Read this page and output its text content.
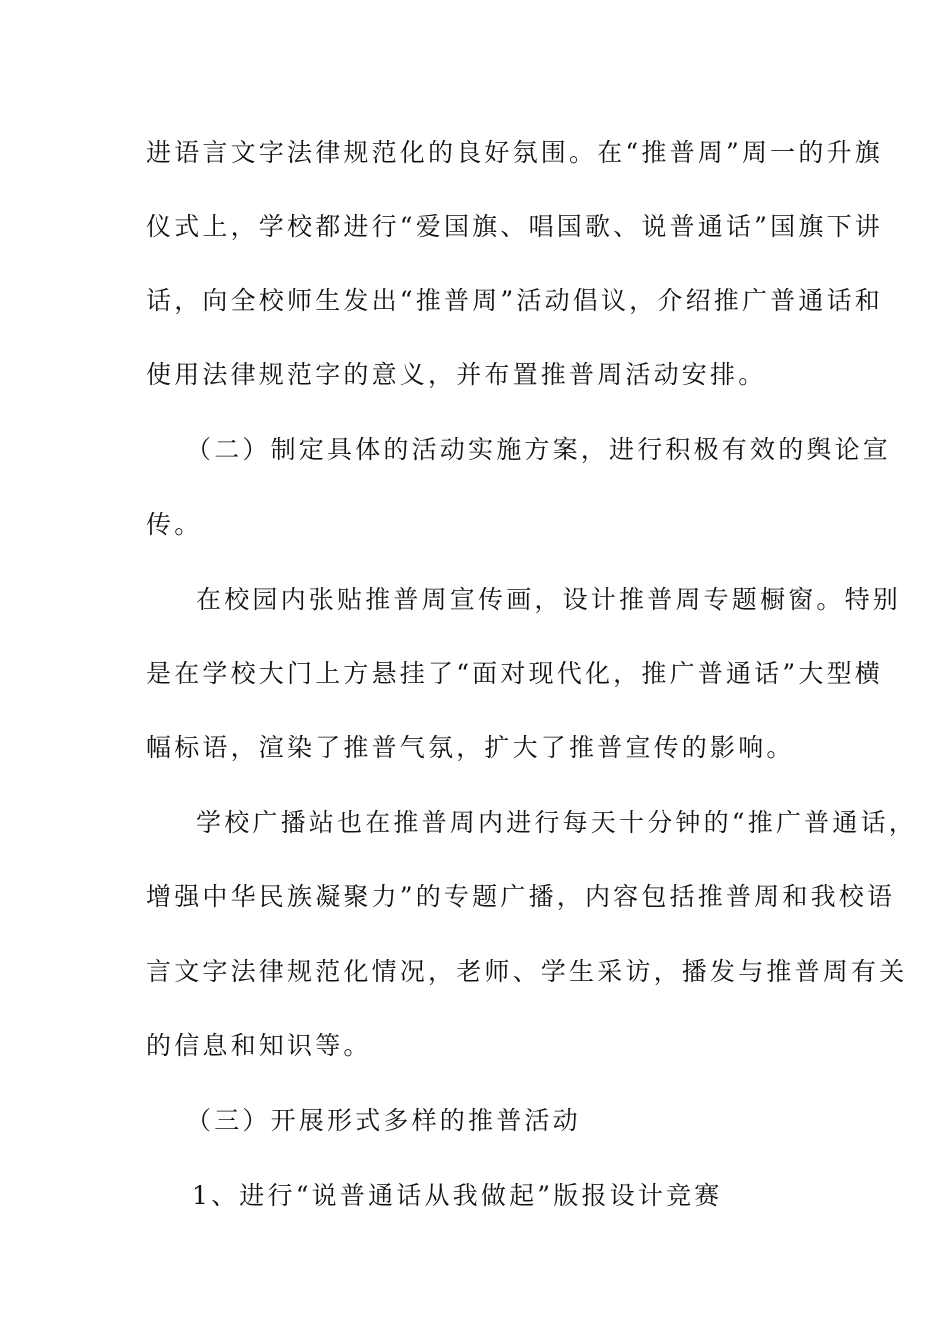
进语言文字法律规范化的良好氛围。在“推普周”周一的升旗
仪式上，学校都进行“爱国旗、唱国歌、说普通话”国旗下讲
话，向全校师生发出“推普周”活动倡议，介绍推广普通话和
使用法律规范字的意义，并布置推普周活动安排。
（二）制定具体的活动实施方案，进行积极有效的舆论宣
传。
在校园内张贴推普周宣传画，设计推普周专题橱窗。特别
是在学校大门上方悬挂了“面对现代化，推广普通话”大型横
幅标语，渲染了推普气氛，扩大了推普宣传的影响。
学校广播站也在推普周内进行每天十分钟的“推广普通话，
增强中华民族凝聚力”的专题广播，内容包括推普周和我校语
言文字法律规范化情况，老师、学生采访，播发与推普周有关
的信息和知识等。
（三）开展形式多样的推普活动
1、进行“说普通话从我做起”版报设计竞赛
